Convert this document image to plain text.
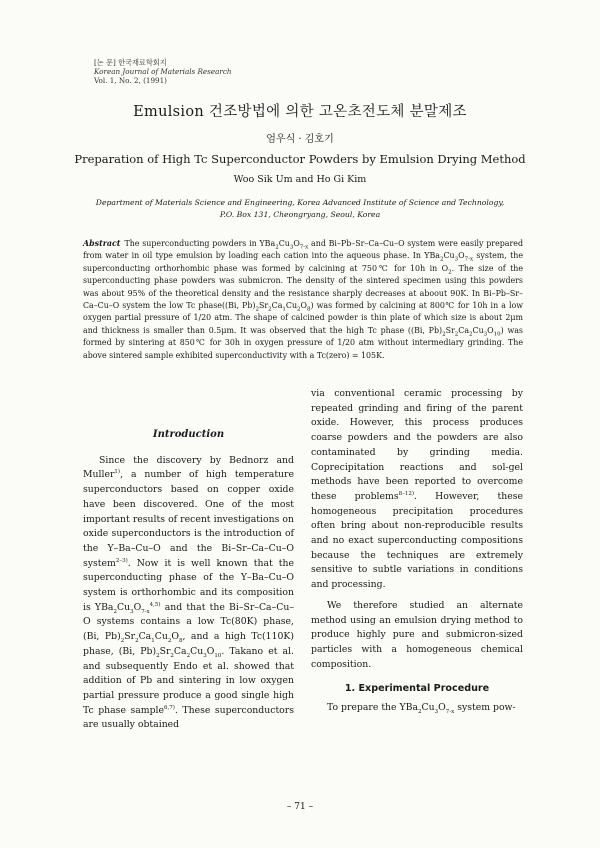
[논 문] 한국재료학회지
Korean Journal of Materials Research
Vol. 1, No. 2, (1991)
Emulsion 건조방법에 의한 고온초전도체 분말제조
엄우식 · 김호기
Preparation of High Tc Superconductor Powders by Emulsion Drying Method
Woo Sik Um and Ho Gi Kim
Department of Materials Science and Engineering, Korea Advanced Institute of Science and Technology,
P.O. Box 131, Cheongryang, Seoul, Korea
Abstract The superconducting powders in $YBa_2Cu_3O_{7-x}$ and Bi–Pb–Sr–Ca–Cu–O system were easily prepared from water in oil type emulsion by loading each cation into the aqueous phase. In $YBa_2Cu_3O_{7-x}$ system, the superconducting orthorhombic phase was formed by calcining at 750℃ for 10h in $O_2$. The size of the superconducting phase powders was submicron. The density of the sintered specimen using this powders was about 95% of the theoretical density and the resistance sharply decreases at aboout 90K. In Bi–Pb–Sr–Ca–Cu–O system the low Tc phase((Bi, $Pb)_2Sr_2Ca_1Cu_2O_8$) was formed by calcining at 800℃ for 10h in a low oxygen partial pressure of 1/20 atm. The shape of calcined powder is thin plate of which size is about 2μm and thickness is smaller than 0.5μm. It was observed that the high Tc phase ((Bi, $Pb)_2Sr_2Ca_2Cu_3O_{10}$) was formed by sintering at 850℃ for 30h in oxygen pressure of 1/20 atm without intermediary grinding. The above sintered sample exhibited superconductivity with a Tc(zero) = 105K.
Introduction

Since the discovery by Bednorz and Muller$^{1)}$, a number of high temperature superconductors based on copper oxide have been discovered. One of the most important results of recent investigations on oxide superconductors is the introduction of the Y–Ba–Cu–O and the Bi–Sr–Ca–Cu–O system$^{2-3)}$. Now it is well known that the superconducting phase of the Y–Ba–Cu–O system is orthorhombic and its composition is $YBa_2Cu_3O_{7-x}^{4,5)}$ and that the Bi–Sr–Ca–Cu–O systems contains a low Tc(80K) phase, (Bi, $Pb)_2Sr_2Ca_1Cu_2O_8$, and a high Tc(110K) phase, (Bi, $Pb)_2Sr_2Ca_2Cu_3O_{10}$. Takano et al. and subsequently Endo et al. showed that addition of Pb and sintering in low oxygen partial pressure produce a good single high Tc phase sample$^{6,7)}$. These superconductors are usually obtained

via conventional ceramic processing by repeated grinding and firing of the parent oxide. However, this process produces coarse powders and the powders are also contaminated by grinding media. Coprecipitation reactions and sol-gel methods have been reported to overcome these problems$^{8-12)}$. However, these homogeneous precipitation procedures often bring about non-reproducible results and no exact superconducting compositions because the techniques are extremely sensitive to subtle variations in conditions and processing.

We therefore studied an alternate method using an emulsion drying method to produce highly pure and submicron-sized particles with a homogeneous chemical composition.

1. Experimental Procedure

To prepare the $YBa_2Cu_3O_{7-x}$ system pow-

– 71 –
